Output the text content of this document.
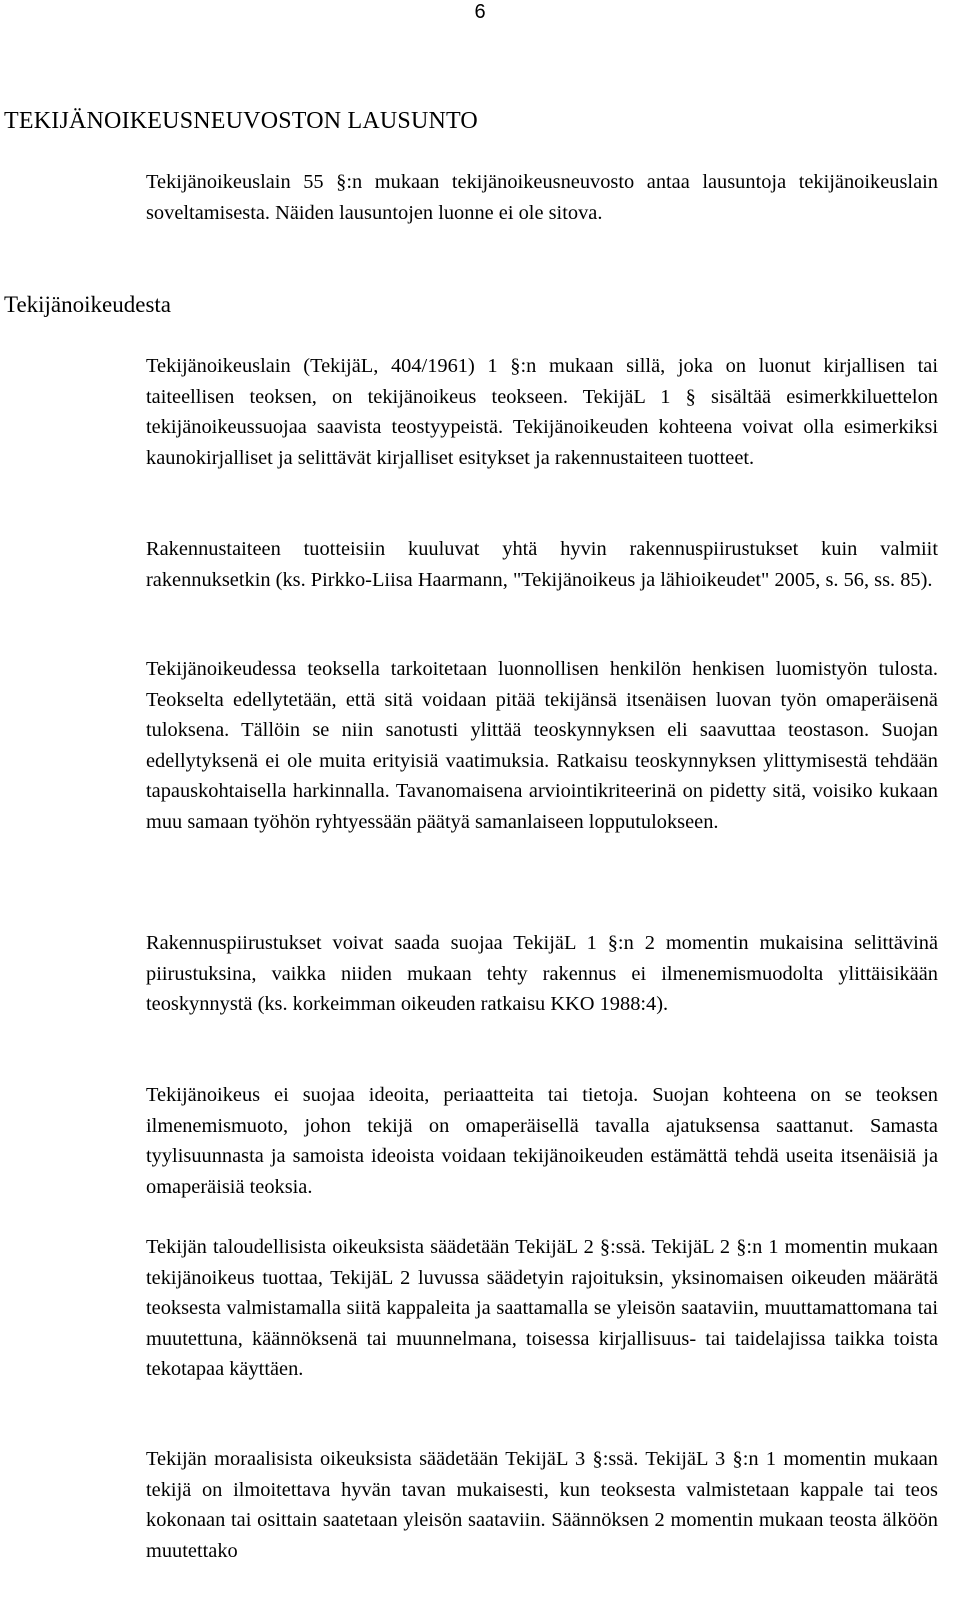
6
TEKIJÄNOIKEUSNEUVOSTON LAUSUNTO

Tekijänoikeuslain 55 §:n mukaan tekijänoikeusneuvosto antaa lausuntoja tekijänoikeuslain soveltamisesta. Näiden lausuntojen luonne ei ole sitova.

Tekijänoikeudesta

Tekijänoikeuslain (TekijäL, 404/1961) 1 §:n mukaan sillä, joka on luonut kirjallisen tai taiteellisen teoksen, on tekijänoikeus teokseen. TekijäL 1 § sisältää esimerkkiluettelon tekijänoikeussuojaa saavista teostyypeistä. Tekijänoikeuden kohteena voivat olla esimerkiksi kaunokirjalliset ja selittävät kirjalliset esitykset ja rakennustaiteen tuotteet.

Rakennustaiteen tuotteisiin kuuluvat yhtä hyvin rakennuspiirustukset kuin valmiit rakennuksetkin (ks. Pirkko-Liisa Haarmann, "Tekijänoikeus ja lähioikeudet" 2005, s. 56, ss. 85).

Tekijänoikeudessa teoksella tarkoitetaan luonnollisen henkilön henkisen luomistyön tulosta. Teokselta edellytetään, että sitä voidaan pitää tekijänsä itsenäisen luovan työn omaperäisenä tuloksena. Tällöin se niin sanotusti ylittää teoskynnyksen eli saavuttaa teostason. Suojan edellytyksenä ei ole muita erityisiä vaatimuksia. Ratkaisu teoskynnyksen ylittymisestä tehdään tapauskohtaisella harkinnalla. Tavanomaisena arviointikriteerinä on pidetty sitä, voisiko kukaan muu samaan työhön ryhtyessään päätyä samanlaiseen lopputulokseen.

Rakennuspiirustukset voivat saada suojaa TekijäL 1 §:n 2 momentin mukaisina selittävinä piirustuksina, vaikka niiden mukaan tehty rakennus ei ilmenemismuodolta ylittäisikään teoskynnystä (ks. korkeimman oikeuden ratkaisu KKO 1988:4).

Tekijänoikeus ei suojaa ideoita, periaatteita tai tietoja. Suojan kohteena on se teoksen ilmenemismuoto, johon tekijä on omaperäisellä tavalla ajatuksensa saattanut. Samasta tyylisuunnasta ja samoista ideoista voidaan tekijänoikeuden estämättä tehdä useita itsenäisiä ja omaperäisiä teoksia.

Tekijän taloudellisista oikeuksista säädetään TekijäL 2 §:ssä. TekijäL 2 §:n 1 momentin mukaan tekijänoikeus tuottaa, TekijäL 2 luvussa säädetyin rajoituksin, yksinomaisen oikeuden määrätä teoksesta valmistamalla siitä kappaleita ja saattamalla se yleisön saataviin, muuttamattomana tai muutettuna, käännöksenä tai muunnelmana, toisessa kirjallisuus- tai taidelajissa taikka toista tekotapaa käyttäen.

Tekijän moraalisista oikeuksista säädetään TekijäL 3 §:ssä. TekijäL 3 §:n 1 momentin mukaan tekijä on ilmoitettava hyvän tavan mukaisesti, kun teoksesta valmistetaan kappale tai teos kokonaan tai osittain saatetaan yleisön saataviin. Säännöksen 2 momentin mukaan teosta älköön muutettako
